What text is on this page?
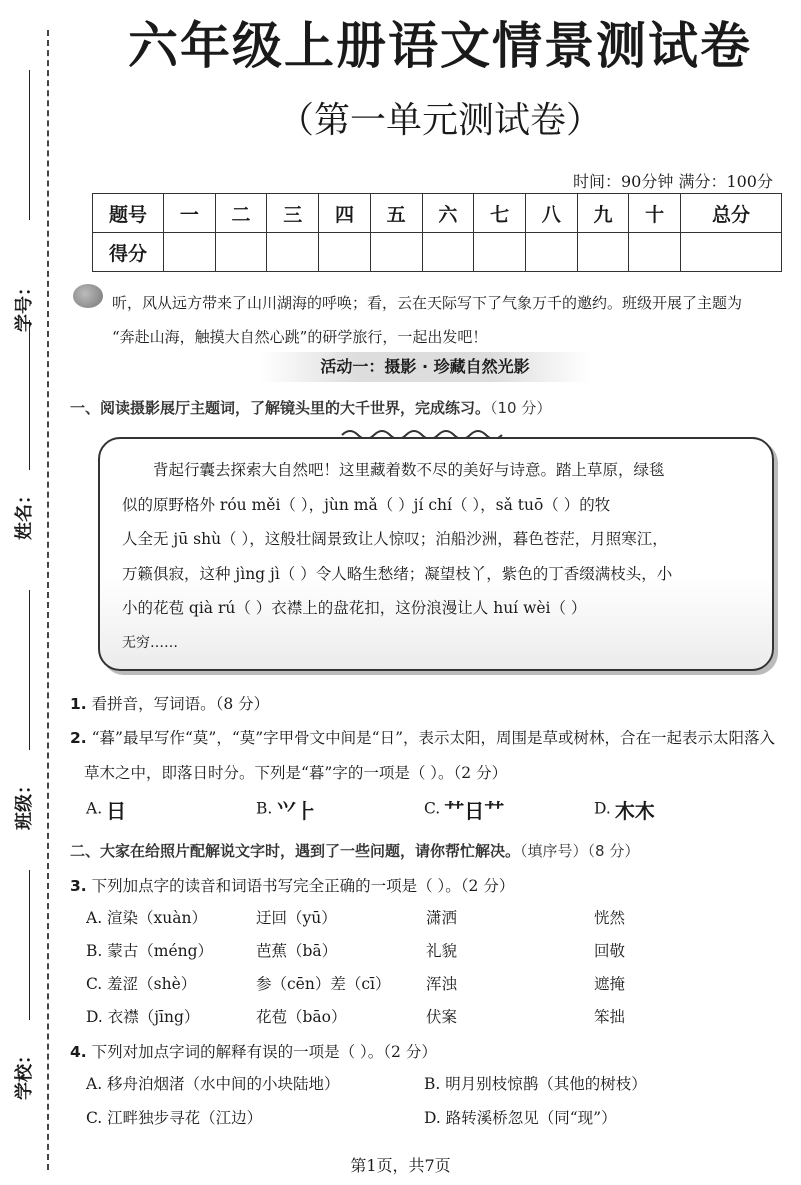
学号：
姓名：
班级：
学校：
六年级上册语文情景测试卷
（第一单元测试卷）
时间：90分钟 满分：100分
题号	一	二	三	四	五	六	七	八	九	十	总分
得分											
听，风从远方带来了山川湖海的呼唤；看，云在天际写下了气象万千的邀约。班级开展了主题为
“奔赴山海，触摸大自然心跳”的研学旅行，一起出发吧！
活动一：摄影 · 珍藏自然光影
一、阅读摄影展厅主题词，了解镜头里的大千世界，完成练习。（10 分）
背起行囊去探索大自然吧！这里藏着数不尽的美好与诗意。踏上草原，绿毯
似的原野格外 róu měi（ ），jùn mǎ（ ）jí chí（ ），sǎ tuō（ ）的牧
人全无 jū shù（ ），这般壮阔景致让人惊叹；泊船沙洲，暮色苍茫，月照寒江，
万籁俱寂，这种 jìng jì（ ）令人略生愁绪；凝望枝丫，紫色的丁香缀满枝头，小
小的花苞 qià rú（ ）衣襟上的盘花扣，这份浪漫让人 huí wèi（ ）
无穷……
1. 看拼音，写词语。（8 分）
2. “暮”最早写作“莫”，“莫”字甲骨文中间是“日”，表示太阳，周围是草或树林，合在一起表示太阳落入
草木之中，即落日时分。下列是“暮”字的一项是（ ）。（2 分）
A. 日	B. ⺍⺊	C. ⺿日⺿	D. 木木
二、大家在给照片配解说文字时，遇到了一些问题，请你帮忙解决。（填序号）（8 分）
3. 下列加点字的读音和词语书写完全正确的一项是（ ）。（2 分）
A. 渲染（xuàn）	迂回（yū）	潇洒	恍然
B. 蒙古（méng）	芭蕉（bā）	礼貌	回敬
C. 羞涩（shè）	参（cēn）差（cī） 浑浊	遮掩
D. 衣襟（jīng）	花苞（bāo）	伏案	笨拙
4. 下列对加点字词的解释有误的一项是（ ）。（2 分）
A. 移舟泊烟渚（水中间的小块陆地）	B. 明月别枝惊鹊（其他的树枝）
C. 江畔独步寻花（江边）	D. 路转溪桥忽见（同“现”）
第1页，共7页
